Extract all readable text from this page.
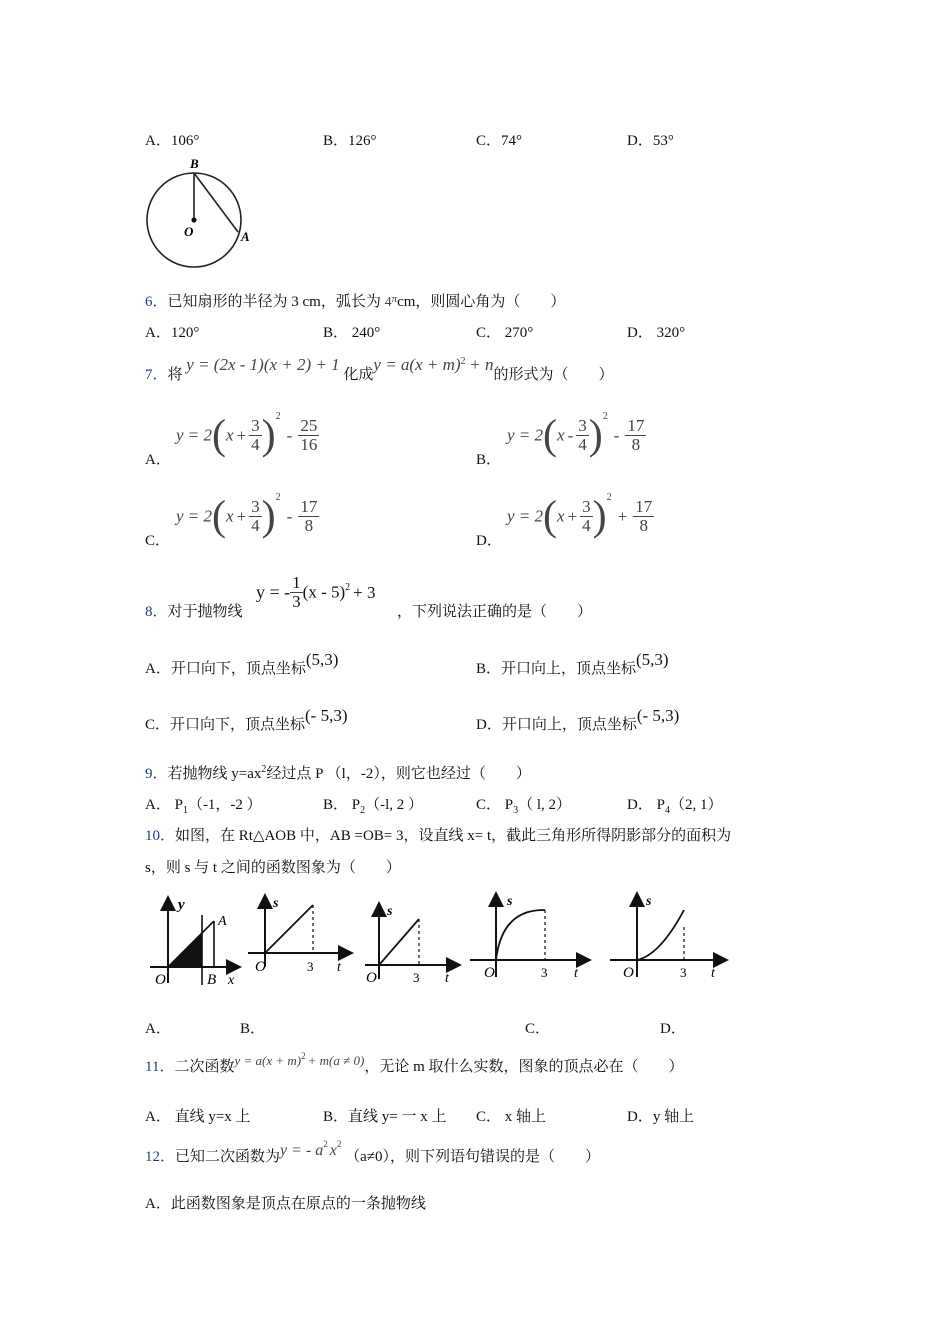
A．106°	B．126°	C．74°	D．53°
B
O	A
6．已知扇形的半径为 3 cm，弧长为 $4^\pi cm$，则圆心角为（　　）
A．120°	B． 240°	C． 270°	D． 320°
7．将 y = (2x - 1)(x + 2) + 1 化成$y = a(x + m)^2 + n$的形式为（　　）
A．
$y = 2(x + \frac{3}{4} )^2- \frac{25}{16}$
B．
$y = 2(x - \frac{3}{4} )^2- \frac{17}{8}$
C．
$y = 2(x + \frac{3}{4} )^2- \frac{17}{8}$
D．
$y = 2(x + \frac{3}{4} )^2+ \frac{17}{8}$
8．对于抛物线
y = - $\frac{1}{3} (x - 5)^2 + 3$
，下列说法正确的是（　　）
A．开口向下，顶点坐标(5,3)	B．开口向上，顶点坐标(5,3)
C．开口向下，顶点坐标(- 5,3)	D．开口向上，顶点坐标(- 5,3)
9．若抛物线 $y=ax^2$经过点 P （l，-2），则它也经过（　　）
A． $P_1(-1$，-2 ）	B． $P_2(-l$, 2 ）	C． $P_3$（ l, 2）	D． $P_4(2$, 1）
10．如图，在 Rt△AOB 中，AB =OB= 3，设直线 x= t，截此三角形所得阴影部分的面积为
s，则 s 与 t 之间的函数图象为（　　）
y
A
O	B x
s
O	3 t
s
O	3 t
s
O	3 t
s
O	3 t
A．	B．	C．	D．
11．二次函数$y = a(x + m)^2 + m(a \ne 0)$，无论 m 取什么实数，图象的顶点必在（　　）
A． 直线 y=x 上	B．直线 y= 一 x 上 C． x 轴上	D．y 轴上
12．已知二次函数为y = - $a^2$ $x^2$ （a≠0），则下列语句错误的是（　　）
A．此函数图象是顶点在原点的一条抛物线
